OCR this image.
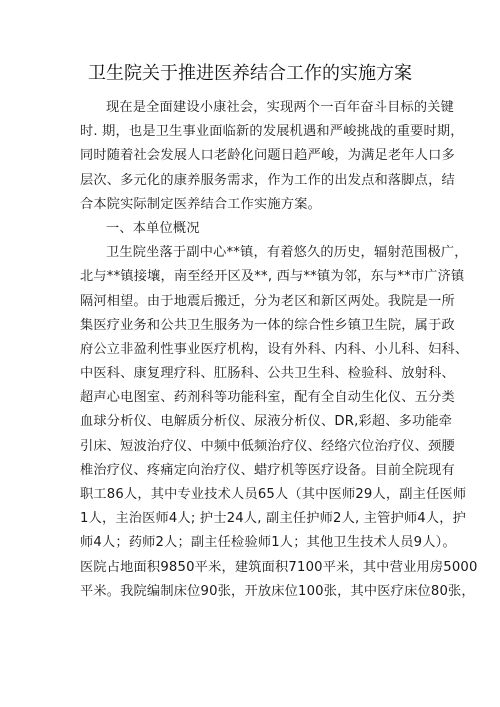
卫生院关于推进医养结合工作的实施方案
现在是全面建设小康社会，实现两个一百年奋斗目标的关键
时. 期，也是卫生事业面临新的发展机遇和严峻挑战的重要时期，
同时随着社会发展人口老龄化问题日趋严峻，为满足老年人口多
层次、多元化的康养服务需求，作为工作的出发点和落脚点，结
合本院实际制定医养结合工作实施方案。
一、本单位概况
卫生院坐落于副中心**镇，有着悠久的历史，辐射范围极广，
北与**镇接壤，南至经开区及**, 西与**镇为邻，东与**市广济镇
隔河相望。由于地震后搬迁，分为老区和新区两处。我院是一所
集医疗业务和公共卫生服务为一体的综合性乡镇卫生院，属于政
府公立非盈利性事业医疗机构，设有外科、内科、小儿科、妇科、
中医科、康复理疗科、肛肠科、公共卫生科、检验科、放射科、
超声心电图室、药剂科等功能科室，配有全自动生化仪、五分类
血球分析仪、电解质分析仪、尿液分析仪、DR,彩超、多功能牵
引床、短波治疗仪、中频中低频治疗仪、经络穴位治疗仪、颈腰
椎治疗仪、疼痛定向治疗仪、蜡疗机等医疗设备。目前全院现有
职工86人，其中专业技术人员65人（其中医师29人，副主任医师
1人，主治医师4人; 护士24人, 副主任护师2人, 主管护师4人，护
师4人；药师2人；副主任检验师1人；其他卫生技术人员9人）。
医院占地面积9850平米，建筑面积7100平米，其中营业用房5000
平米。我院编制床位90张，开放床位100张，其中医疗床位80张，
